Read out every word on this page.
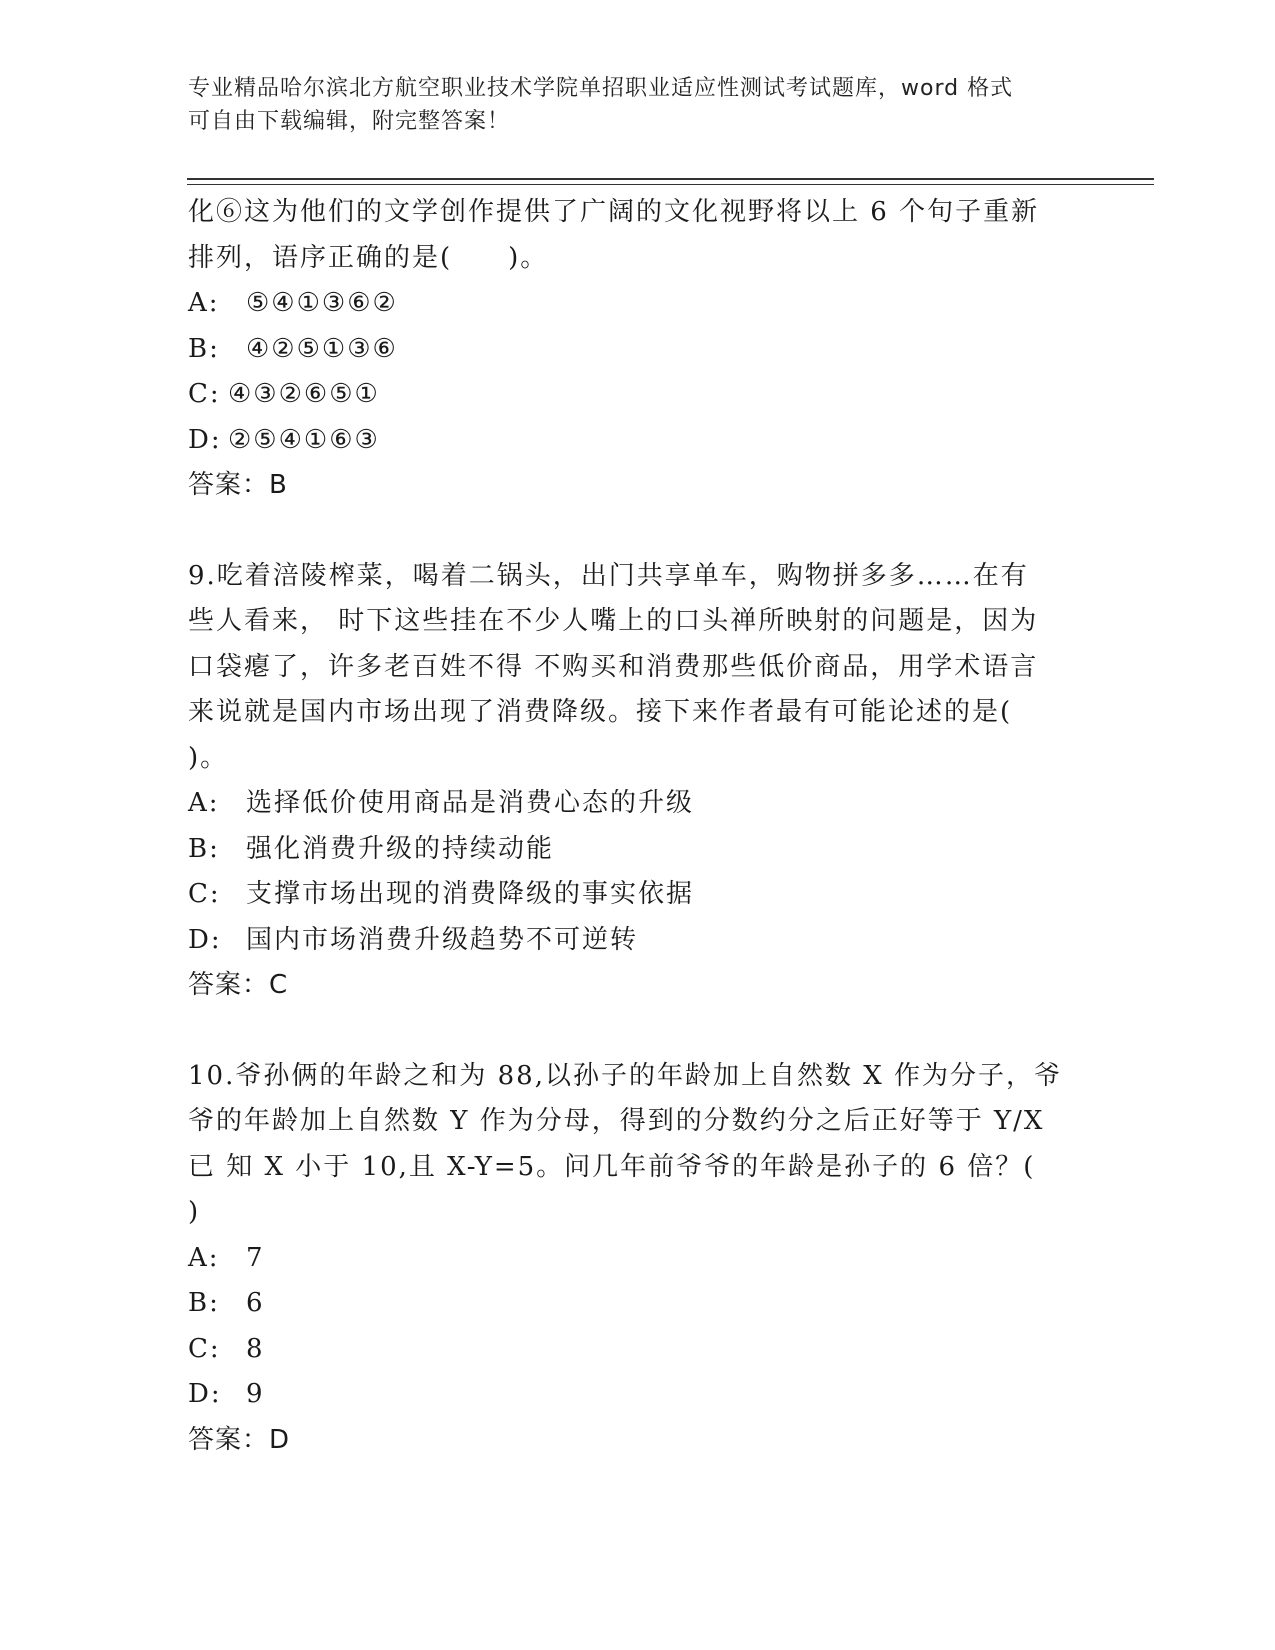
专业精品哈尔滨北方航空职业技术学院单招职业适应性测试考试题库，word 格式
可自由下载编辑，附完整答案！
化⑥这为他们的文学创作提供了广阔的文化视野将以上 6 个句子重新
排列，语序正确的是(　　)。
A: ⑤④①③⑥②
B: ④②⑤①③⑥
C: ④③②⑥⑤①
D: ②⑤④①⑥③
答案：B
9.吃着涪陵榨菜，喝着二锅头，出门共享单车，购物拼多多……在有
些人看来， 时下这些挂在不少人嘴上的口头禅所映射的问题是，因为
口袋瘪了，许多老百姓不得 不购买和消费那些低价商品，用学术语言
来说就是国内市场出现了消费降级。接下来作者最有可能论述的是(
)。
A: 选择低价使用商品是消费心态的升级
B: 强化消费升级的持续动能
C: 支撑市场出现的消费降级的事实依据
D: 国内市场消费升级趋势不可逆转
答案：C
10.爷孙俩的年龄之和为 88,以孙子的年龄加上自然数 X 作为分子，爷
爷的年龄加上自然数 Y 作为分母，得到的分数约分之后正好等于 Y/X
已 知 X 小于 10,且 X-Y=5。问几年前爷爷的年龄是孙子的 6 倍？(
)
A: 7
B: 6
C: 8
D: 9
答案：D
